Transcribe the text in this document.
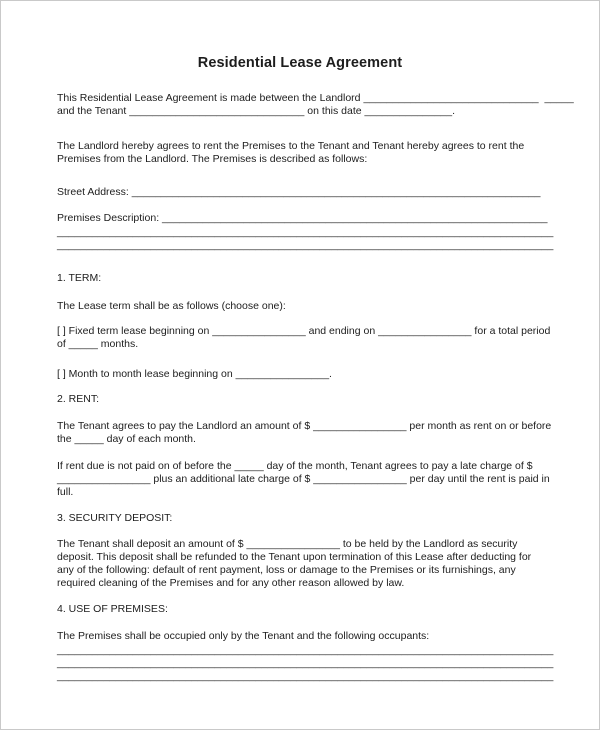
Residential Lease Agreement
This Residential Lease Agreement is made between the Landlord ______________________________  _____
and the Tenant ______________________________ on this date _______________.
The Landlord hereby agrees to rent the Premises to the Tenant and Tenant hereby agrees to rent the
Premises from the Landlord. The Premises is described as follows:
Street Address: ______________________________________________________________________
Premises Description: __________________________________________________________________
_____________________________________________________________________________________
_____________________________________________________________________________________
1. TERM:
The Lease term shall be as follows (choose one):
[ ] Fixed term lease beginning on ________________ and ending on ________________ for a total period
of _____ months.
[ ] Month to month lease beginning on ________________.
2. RENT:
The Tenant agrees to pay the Landlord an amount of $ ________________ per month as rent on or before
the _____ day of each month.
If rent due is not paid on of before the _____ day of the month, Tenant agrees to pay a late charge of $
________________ plus an additional late charge of $ ________________ per day until the rent is paid in
full.
3. SECURITY DEPOSIT:
The Tenant shall deposit an amount of $ ________________ to be held by the Landlord as security
deposit. This deposit shall be refunded to the Tenant upon termination of this Lease after deducting for
any of the following: default of rent payment, loss or damage to the Premises or its furnishings, any
required cleaning of the Premises and for any other reason allowed by law.
4. USE OF PREMISES:
The Premises shall be occupied only by the Tenant and the following occupants:
_____________________________________________________________________________________
_____________________________________________________________________________________
_____________________________________________________________________________________
